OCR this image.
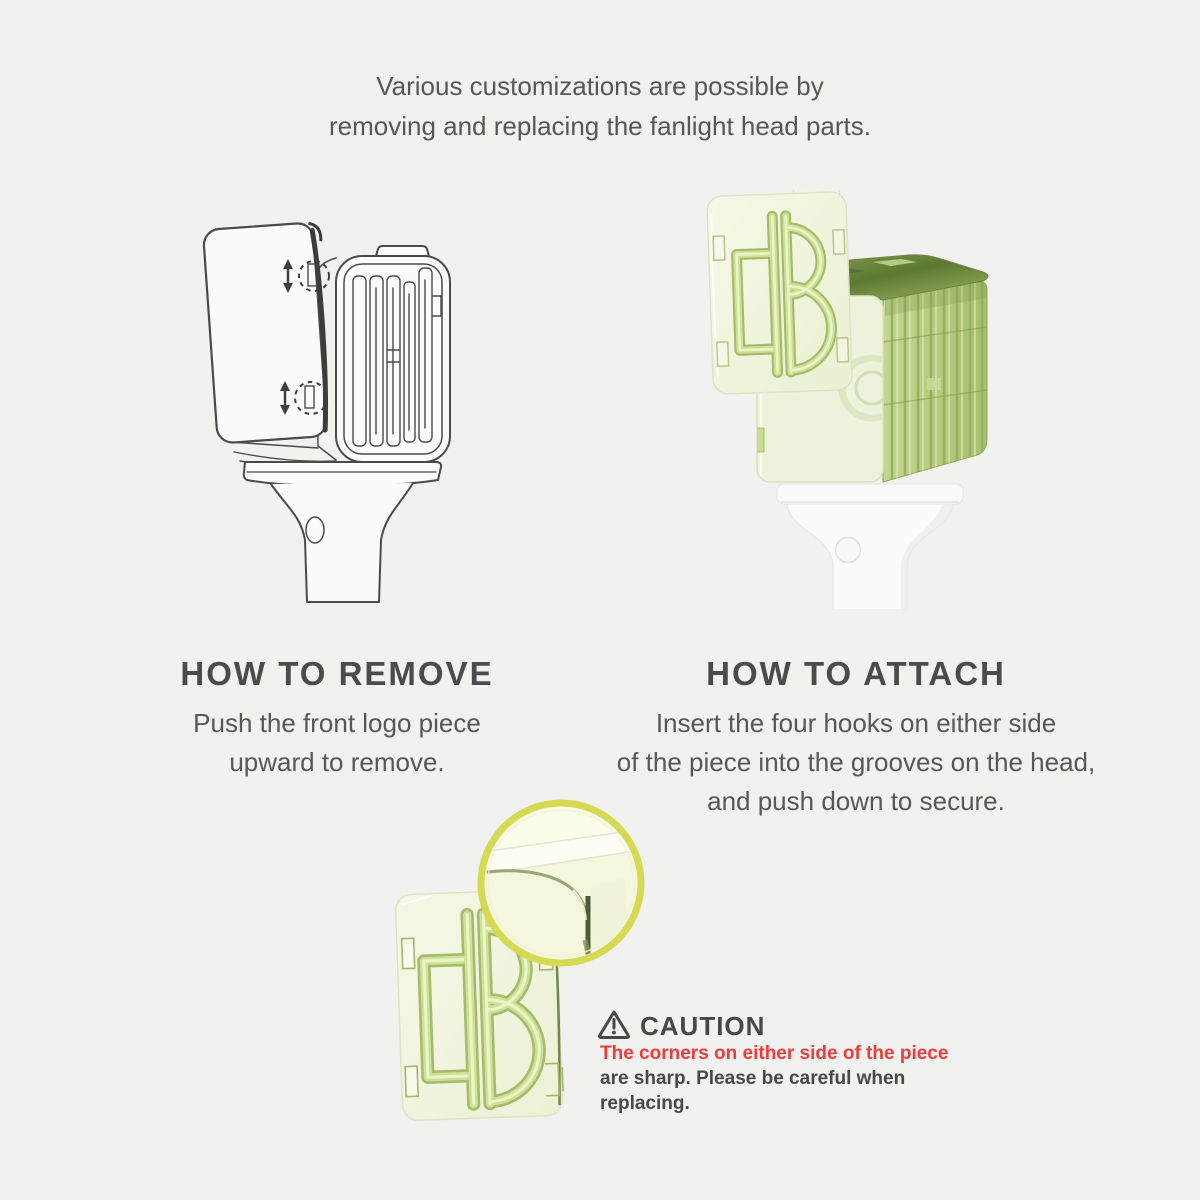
Various customizations are possible by
removing and replacing the fanlight head parts.
HOW TO REMOVE
Push the front logo piece
upward to remove.
HOW TO ATTACH
Insert the four hooks on either side
of the piece into the grooves on the head,
and push down to secure.
CAUTION
The corners on either side of the piece
are sharp. Please be careful when
replacing.
